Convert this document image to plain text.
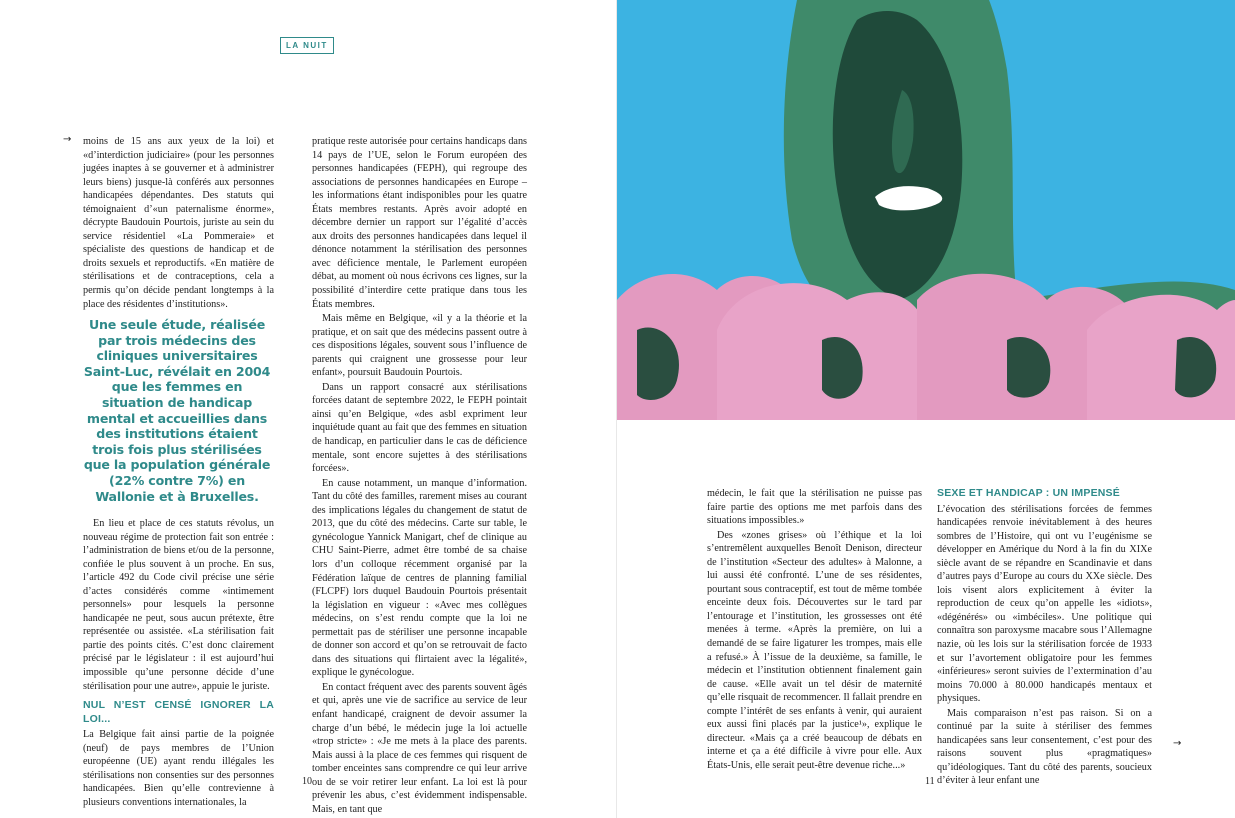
LA NUIT
→ moins de 15 ans aux yeux de la loi) et «d’interdiction judiciaire» (pour les personnes jugées inaptes à se gouverner et à administrer leurs biens) jusque-là conférés aux personnes handicapées dépendantes. Des statuts qui témoignaient d’«un paternalisme énorme», décrypte Baudouin Pourtois, juriste au sein du service résidentiel «La Pommeraie» et spécialiste des questions de handicap et de droits sexuels et reproductifs. «En matière de stérilisations et de contraceptions, cela a permis qu’on décide pendant longtemps à la place des résidentes d’institutions».

Une seule étude, réalisée par trois médecins des cliniques universitaires Saint-Luc, révélait en 2004 que les femmes en situation de handicap mental et accueillies dans des institutions étaient trois fois plus stérilisées que la population générale (22% contre 7%) en Wallonie et à Bruxelles.

En lieu et place de ces statuts révolus, un nouveau régime de protection fait son entrée : l’administration de biens et/ou de la personne, confiée le plus souvent à un proche. En sus, l’article 492 du Code civil précise une série d’actes considérés comme «intimement personnels» pour lesquels la personne handicapée ne peut, sous aucun prétexte, être représentée ou assistée. «La stérilisation fait partie des points cités. C’est donc clairement précisé par le législateur : il est aujourd’hui impossible qu’une personne décide d’une stérilisation pour une autre», appuie le juriste.

NUL N’EST CENSÉ IGNORER LA LOI...

La Belgique fait ainsi partie de la poignée (neuf) de pays membres de l’Union européenne (UE) ayant rendu illégales les stérilisations non consenties sur des personnes handicapées. Bien qu’elle contrevienne à plusieurs conventions internationales, la

pratique reste autorisée pour certains handicaps dans 14 pays de l’UE, selon le Forum européen des personnes handicapées (FEPH), qui regroupe des associations de personnes handicapées en Europe – les informations étant indisponibles pour les quatre États membres restants. Après avoir adopté en décembre dernier un rapport sur l’égalité d’accès aux droits des personnes handicapées dans lequel il dénonce notamment la stérilisation des personnes avec déficience mentale, le Parlement européen débat, au moment où nous écrivons ces lignes, sur la possibilité d’interdire cette pratique dans tous les États membres.

Mais même en Belgique, «il y a la théorie et la pratique, et on sait que des médecins passent outre à ces dispositions légales, souvent sous l’influence de parents qui craignent une grossesse pour leur enfant», poursuit Baudouin Pourtois.

Dans un rapport consacré aux stérilisations forcées datant de septembre 2022, le FEPH pointait ainsi qu’en Belgique, «des asbl expriment leur inquiétude quant au fait que des femmes en situation de handicap, en particulier dans le cas de déficience mentale, sont encore sujettes à des stérilisations forcées».

En cause notamment, un manque d’information. Tant du côté des familles, rarement mises au courant des implications légales du changement de statut de 2013, que du côté des médecins. Carte sur table, le gynécologue Yannick Manigart, chef de clinique au CHU Saint-Pierre, admet être tombé de sa chaise lors d’un colloque récemment organisé par la Fédération laïque de centres de planning familial (FLCPF) lors duquel Baudouin Pourtois présentait la législation en vigueur : «Avec mes collègues médecins, on s’est rendu compte que la loi ne permettait pas de stériliser une personne incapable de donner son accord et qu’on se retrouvait de facto dans des situations qui flirtaient avec la légalité», explique le gynécologue.

En contact fréquent avec des parents souvent âgés et qui, après une vie de sacrifice au service de leur enfant handicapé, craignent de devoir assumer la charge d’un bébé, le médecin juge la loi actuelle «trop stricte» : «Je me mets à la place des parents. Mais aussi à la place de ces femmes qui risquent de tomber enceintes sans comprendre ce qui leur arrive ou de se voir retirer leur enfant. La loi est là pour prévenir les abus, c’est évidemment indispensable. Mais, en tant que

10

médecin, le fait que la stérilisation ne puisse pas faire partie des options me met parfois dans des situations impossibles.»

Des «zones grises» où l’éthique et la loi s’entremêlent auxquelles Benoît Denison, directeur de l’institution «Secteur des adultes» à Malonne, a lui aussi été confronté. L’une de ses résidentes, pourtant sous contraceptif, est tout de même tombée enceinte deux fois. Découvertes sur le tard par l’entourage et l’institution, les grossesses ont été menées à terme. «Après la première, on lui a demandé de se faire ligaturer les trompes, mais elle a refusé.» À l’issue de la deuxième, sa famille, le médecin et l’institution obtiennent finalement gain de cause. «Elle avait un tel désir de maternité qu’elle risquait de recommencer. Il fallait prendre en compte l’intérêt de ses enfants à venir, qui auraient eux aussi fini placés par la justice¹», explique le directeur. «Mais ça a créé beaucoup de débats en interne et ça a été difficile à vivre pour elle. Aux États-Unis, elle serait peut-être devenue riche...»

SEXE ET HANDICAP : UN IMPENSÉ

L’évocation des stérilisations forcées de femmes handicapées renvoie inévitablement à des heures sombres de l’Histoire, qui ont vu l’eugénisme se développer en Amérique du Nord à la fin du XIXe siècle avant de se répandre en Scandinavie et dans d’autres pays d’Europe au cours du XXe siècle. Des lois visent alors explicitement à éviter la reproduction de ceux qu’on appelle les «idiots», «dégénérés» ou «imbéciles». Une politique qui connaîtra son paroxysme macabre sous l’Allemagne nazie, où les lois sur la stérilisation forcée de 1933 et sur l’avortement obligatoire pour les femmes «inférieures» seront suivies de l’extermination d’au moins 70.000 à 80.000 handicapés mentaux et physiques.

Mais comparaison n’est pas raison. Si on a continué par la suite à stériliser des femmes handicapées sans leur consentement, c’est pour des raisons souvent plus «pragmatiques» qu’idéologiques. Tant du côté des parents, soucieux d’éviter à leur enfant une

→
11
